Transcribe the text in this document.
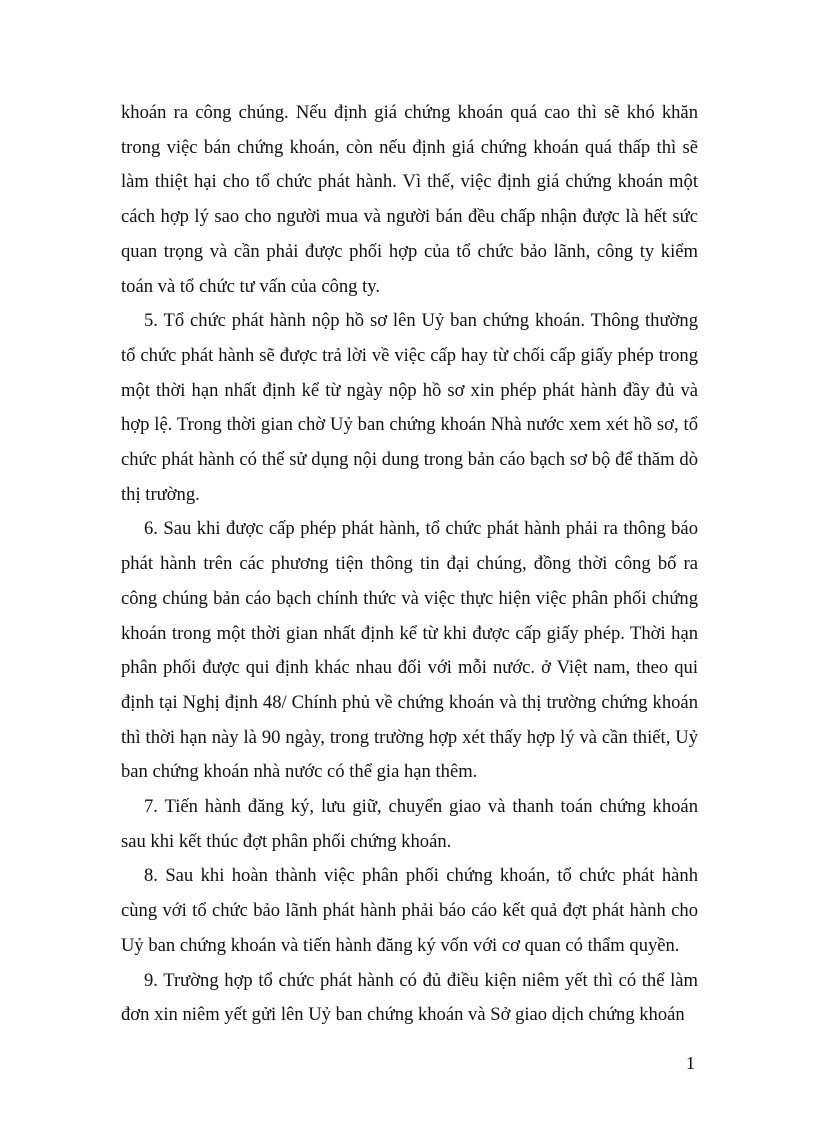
khoán ra công chúng. Nếu định giá chứng khoán quá cao thì sẽ khó khăn trong việc bán chứng khoán, còn nếu định giá chứng khoán quá thấp thì sẽ làm thiệt hại cho tổ chức phát hành. Vì thế, việc định giá chứng khoán một cách hợp lý sao cho người mua và người bán đều chấp nhận được là hết sức quan trọng và cần phải được phối hợp của tổ chức bảo lãnh, công ty kiểm toán và tổ chức tư vấn của công ty.

5. Tổ chức phát hành nộp hồ sơ lên Uỷ ban chứng khoán. Thông thường tổ chức phát hành sẽ được trả lời về việc cấp hay từ chối cấp giấy phép trong một thời hạn nhất định kể từ ngày nộp hồ sơ xin phép phát hành đầy đủ và hợp lệ. Trong thời gian chờ Uỷ ban chứng khoán Nhà nước xem xét hồ sơ, tổ chức phát hành có thể sử dụng nội dung trong bản cáo bạch sơ bộ để thăm dò thị trường.

6. Sau khi được cấp phép phát hành, tổ chức phát hành phải ra thông báo phát hành trên các phương tiện thông tin đại chúng, đồng thời công bố ra công chúng bản cáo bạch chính thức và việc thực hiện việc phân phối chứng khoán trong một thời gian nhất định kể từ khi được cấp giấy phép. Thời hạn phân phối được qui định khác nhau đối với mỗi nước. ở Việt nam, theo qui định tại Nghị định 48/ Chính phủ về chứng khoán và thị trường chứng khoán thì thời hạn này là 90 ngày, trong trường hợp xét thấy hợp lý và cần thiết, Uỷ ban chứng khoán nhà nước có thể gia hạn thêm.

7. Tiến hành đăng ký, lưu giữ, chuyển giao và thanh toán chứng khoán sau khi kết thúc đợt phân phối chứng khoán.

8. Sau khi hoàn thành việc phân phối chứng khoán, tổ chức phát hành cùng với tổ chức bảo lãnh phát hành phải báo cáo kết quả đợt phát hành cho Uỷ ban chứng khoán và tiến hành đăng ký vốn với cơ quan có thẩm quyền.

9. Trường hợp tổ chức phát hành có đủ điều kiện niêm yết thì có thể làm đơn xin niêm yết gửi lên Uỷ ban chứng khoán và Sở giao dịch chứng khoán

1
